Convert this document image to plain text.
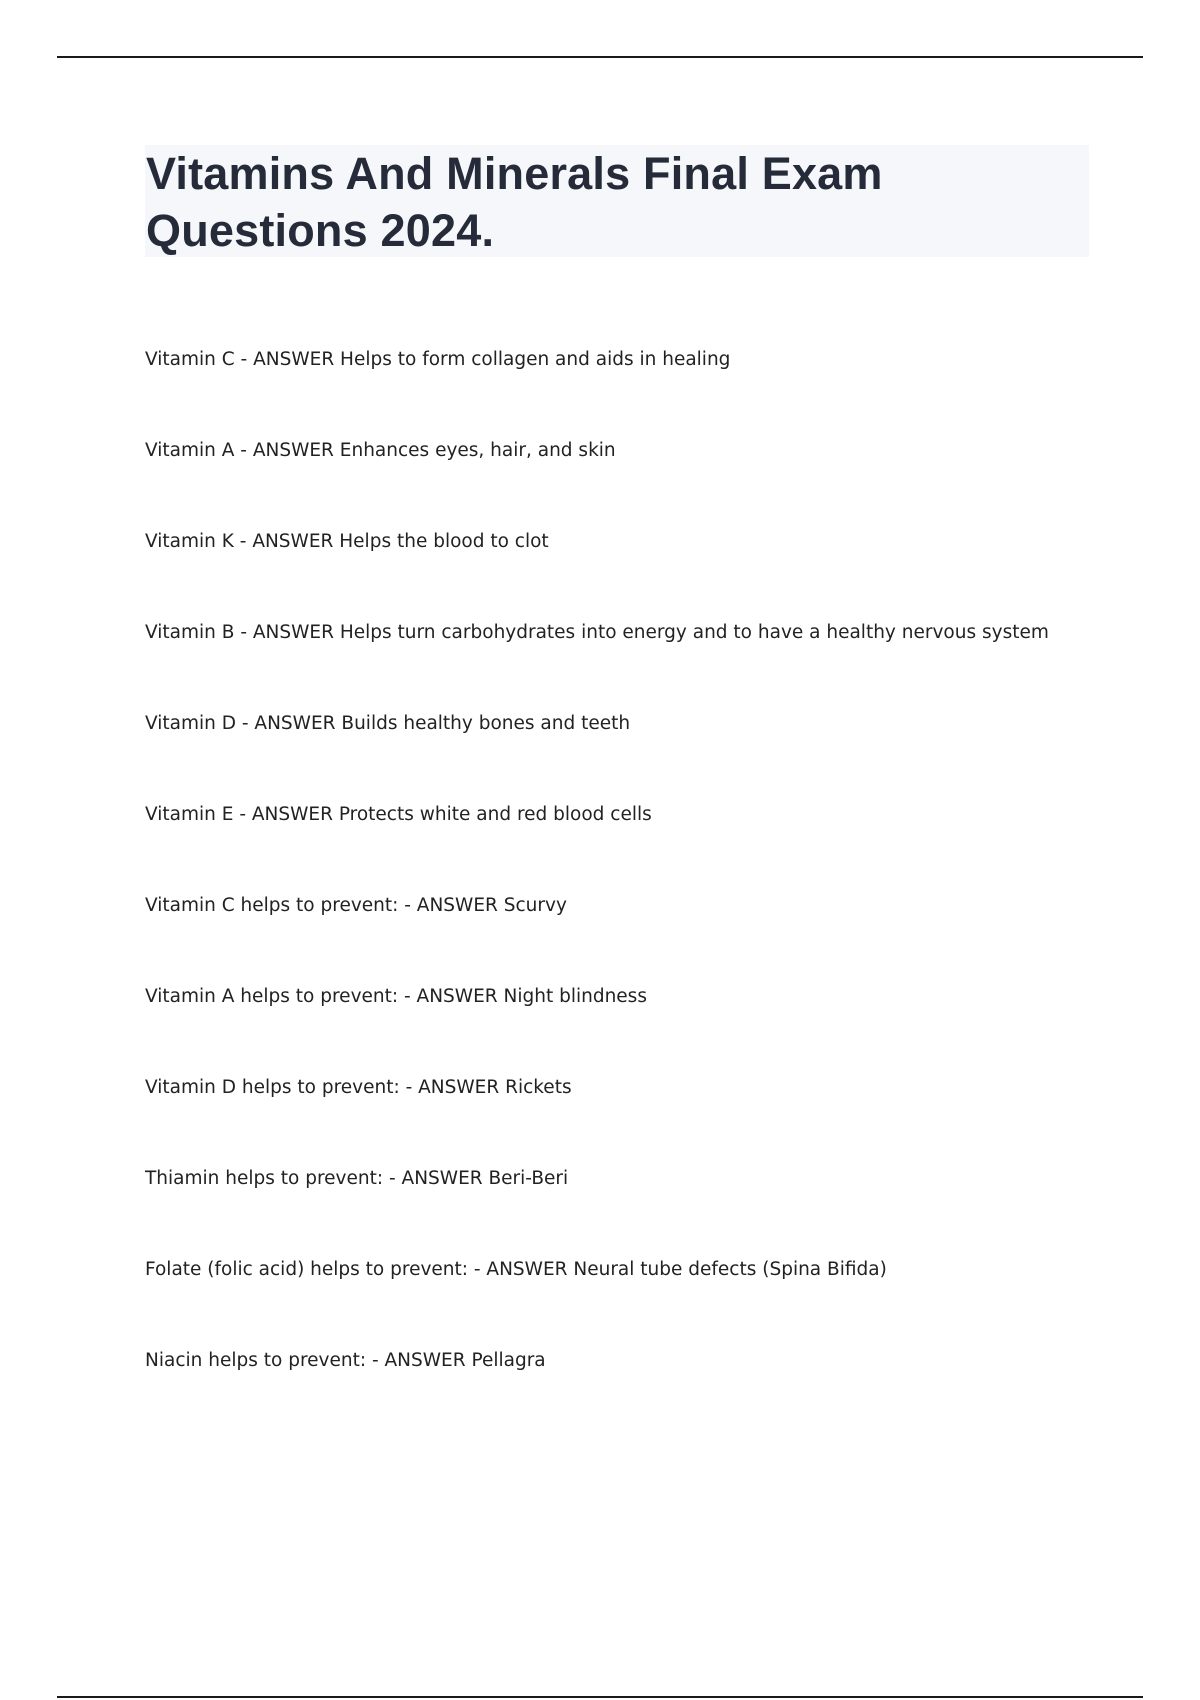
Vitamins And Minerals Final Exam
Questions 2024.
Vitamin C - ANSWER Helps to form collagen and aids in healing
Vitamin A - ANSWER Enhances eyes, hair, and skin
Vitamin K - ANSWER Helps the blood to clot
Vitamin B - ANSWER Helps turn carbohydrates into energy and to have a healthy nervous system
Vitamin D - ANSWER Builds healthy bones and teeth
Vitamin E - ANSWER Protects white and red blood cells
Vitamin C helps to prevent: - ANSWER Scurvy
Vitamin A helps to prevent: - ANSWER Night blindness
Vitamin D helps to prevent: - ANSWER Rickets
Thiamin helps to prevent: - ANSWER Beri-Beri
Folate (folic acid) helps to prevent: - ANSWER Neural tube defects (Spina Bifida)
Niacin helps to prevent: - ANSWER Pellagra
